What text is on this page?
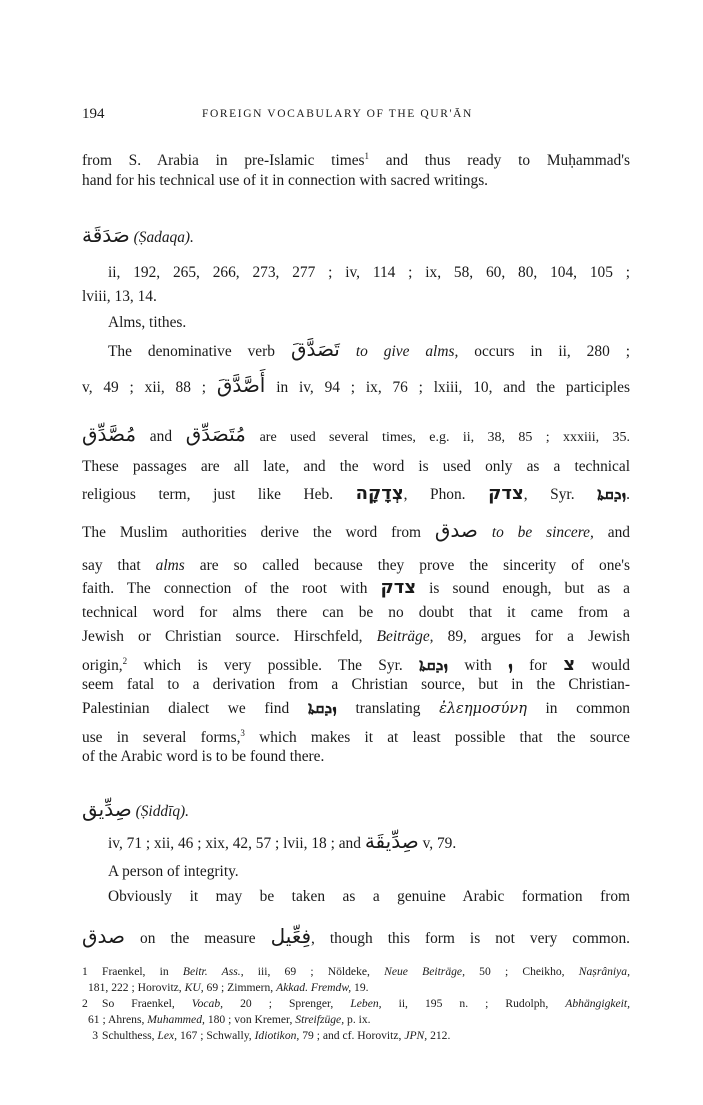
194	FOREIGN VOCABULARY OF THE QUR'ĀN
from S. Arabia in pre-Islamic times$^1$ and thus ready to Muḥammad's
hand for his technical use of it in connection with sacred writings.
صَدَقَة (Ṣadaqa).
ii, 192, 265, 266, 273, 277 ; iv, 114 ; ix, 58, 60, 80, 104, 105 ;
lviii, 13, 14.
Alms, tithes.
The denominative verb تَصَدَّقَ to give alms, occurs in ii, 280 ;
v, 49 ; xii, 88 ; أَصَّدَّقَ in iv, 94 ; ix, 76 ; lxiii, 10, and the participles
مُصَّدِّق and مُتَصَدِّق are used several times, e.g. ii, 38, 85 ; xxxiii, 35.
These passages are all late, and the word is used only as a technical
religious term, just like Heb. צְדָקָה, Phon. צדק, Syr. ܙܕܩܬܐ.
The Muslim authorities derive the word from صدق to be sincere, and
say that alms are so called because they prove the sincerity of one's
faith. The connection of the root with צדק is sound enough, but as a
technical word for alms there can be no doubt that it came from a
Jewish or Christian source. Hirschfeld, Beiträge, 89, argues for a Jewish
origin,$^2$ which is very possible. The Syr. ܙܕܩܬܐ with ܙ for צ would
seem fatal to a derivation from a Christian source, but in the Christian-
Palestinian dialect we find ܙܕܩܬܐ translating ἐλεημοσύνη in common
use in several forms,$^3$ which makes it at least possible that the source
of the Arabic word is to be found there.
صِدِّيق (Ṣiddīq).
iv, 71 ; xii, 46 ; xix, 42, 57 ; lvii, 18 ; and صِدِّيقَة v, 79.
A person of integrity.
Obviously it may be taken as a genuine Arabic formation from
صدق on the measure فِعِّيل, though this form is not very common.
1 Fraenkel, in Beitr. Ass., iii, 69 ; Nöldeke, Neue Beiträge, 50 ; Cheikho, Naṣrâniya,
181, 222 ; Horovitz, KU, 69 ; Zimmern, Akkad. Fremdw, 19.
2 So Fraenkel, Vocab, 20 ; Sprenger, Leben, ii, 195 n. ; Rudolph, Abhängigkeit,
61 ; Ahrens, Muhammed, 180 ; von Kremer, Streifzüge, p. ix.
3 Schulthess, Lex, 167 ; Schwally, Idiotikon, 79 ; and cf. Horovitz, JPN, 212.
